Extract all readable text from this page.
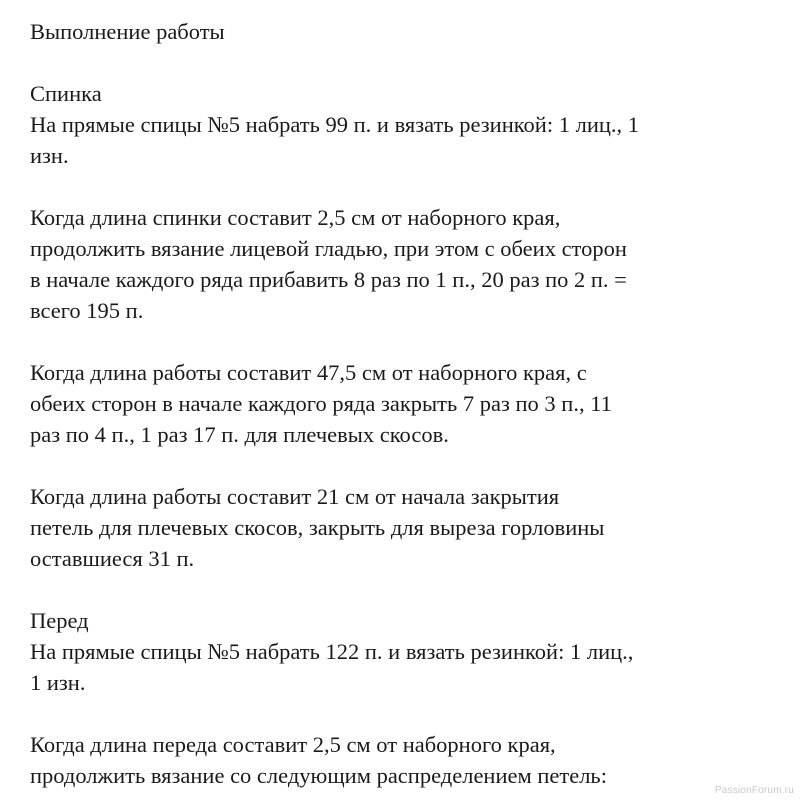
Выполнение работы
Спинка
На прямые спицы №5 набрать 99 п. и вязать резинкой: 1 лиц., 1
изн.
Когда длина спинки составит 2,5 см от наборного края,
продолжить вязание лицевой гладью, при этом с обеих сторон
в начале каждого ряда прибавить 8 раз по 1 п., 20 раз по 2 п. =
всего 195 п.
Когда длина работы составит 47,5 см от наборного края, с
обеих сторон в начале каждого ряда закрыть 7 раз по 3 п., 11
раз по 4 п., 1 раз 17 п. для плечевых скосов.
Когда длина работы составит 21 см от начала закрытия
петель для плечевых скосов, закрыть для выреза горловины
оставшиеся 31 п.
Перед
На прямые спицы №5 набрать 122 п. и вязать резинкой: 1 лиц.,
1 изн.
Когда длина переда составит 2,5 см от наборного края,
продолжить вязание со следующим распределением петель:
PassionForum.ru
